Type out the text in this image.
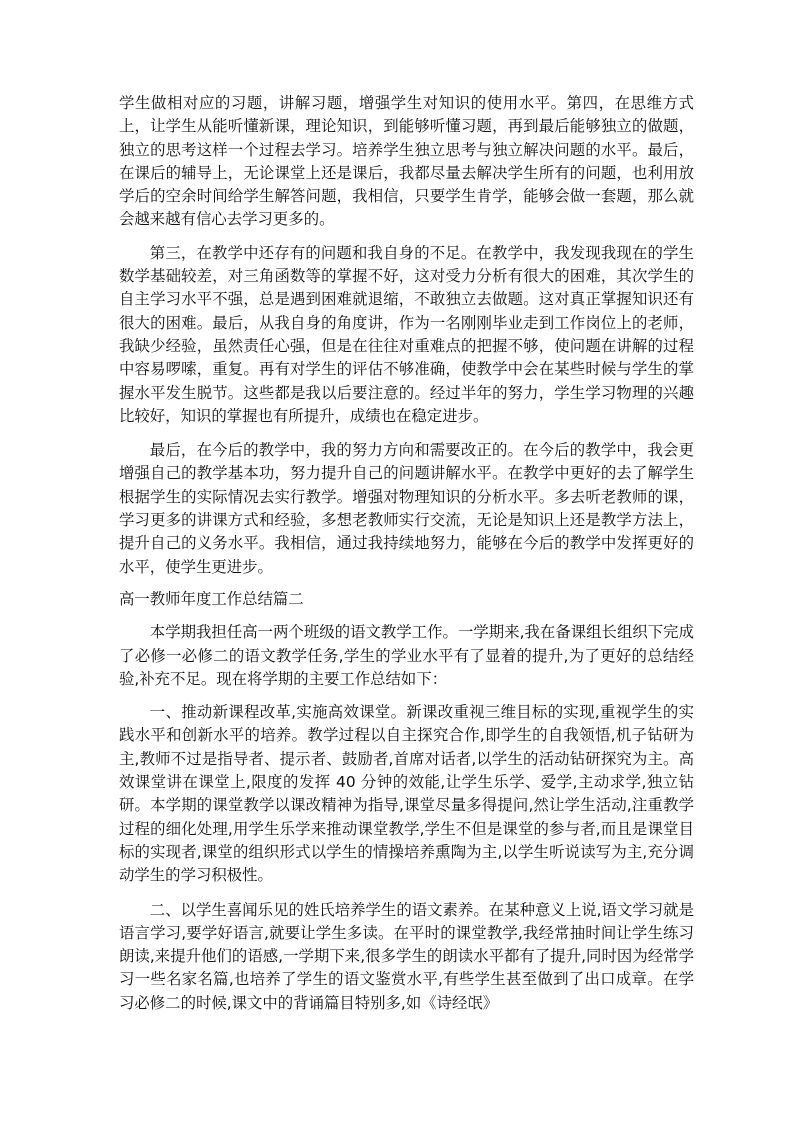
学生做相对应的习题，讲解习题，增强学生对知识的使用水平。第四，在思维方式上，让学生从能听懂新课，理论知识，到能够听懂习题，再到最后能够独立的做题，独立的思考这样一个过程去学习。培养学生独立思考与独立解决问题的水平。最后，在课后的辅导上，无论课堂上还是课后，我都尽量去解决学生所有的问题，也利用放学后的空余时间给学生解答问题，我相信，只要学生肯学，能够会做一套题，那么就会越来越有信心去学习更多的。

第三，在教学中还存有的问题和我自身的不足。在教学中，我发现我现在的学生数学基础较差，对三角函数等的掌握不好，这对受力分析有很大的困难，其次学生的自主学习水平不强，总是遇到困难就退缩，不敢独立去做题。这对真正掌握知识还有很大的困难。最后，从我自身的角度讲，作为一名刚刚毕业走到工作岗位上的老师，我缺少经验，虽然责任心强，但是在往往对重难点的把握不够，使问题在讲解的过程中容易啰嗦，重复。再有对学生的评估不够准确，使教学中会在某些时候与学生的掌握水平发生脱节。这些都是我以后要注意的。经过半年的努力，学生学习物理的兴趣比较好，知识的掌握也有所提升，成绩也在稳定进步。

最后，在今后的教学中，我的努力方向和需要改正的。在今后的教学中，我会更增强自己的教学基本功，努力提升自己的问题讲解水平。在教学中更好的去了解学生根据学生的实际情况去实行教学。增强对物理知识的分析水平。多去听老教师的课，学习更多的讲课方式和经验，多想老教师实行交流，无论是知识上还是教学方法上，提升自己的义务水平。我相信，通过我持续地努力，能够在今后的教学中发挥更好的水平，使学生更进步。

高一教师年度工作总结篇二

本学期我担任高一两个班级的语文教学工作。一学期来,我在备课组长组织下完成了必修一必修二的语文教学任务,学生的学业水平有了显着的提升,为了更好的总结经验,补充不足。现在将学期的主要工作总结如下：

一、推动新课程改革,实施高效课堂。新课改重视三维目标的实现,重视学生的实践水平和创新水平的培养。教学过程以自主探究合作,即学生的自我领悟,机子钻研为主,教师不过是指导者、提示者、鼓励者,首席对话者,以学生的活动钻研探究为主。高效课堂讲在课堂上,限度的发挥 40 分钟的效能,让学生乐学、爱学,主动求学,独立钻研。本学期的课堂教学以课改精神为指导,课堂尽量多得提问,然让学生活动,注重教学过程的细化处理,用学生乐学来推动课堂教学,学生不但是课堂的参与者,而且是课堂目标的实现者,课堂的组织形式以学生的情操培养熏陶为主,以学生听说读写为主,充分调动学生的学习积极性。

二、以学生喜闻乐见的姓氏培养学生的语文素养。在某种意义上说,语文学习就是语言学习,要学好语言,就要让学生多读。在平时的课堂教学,我经常抽时间让学生练习朗读,来提升他们的语感,一学期下来,很多学生的朗读水平都有了提升,同时因为经常学习一些名家名篇,也培养了学生的语文鉴赏水平,有些学生甚至做到了出口成章。在学习必修二的时候,课文中的背诵篇目特别多,如《诗经氓》
